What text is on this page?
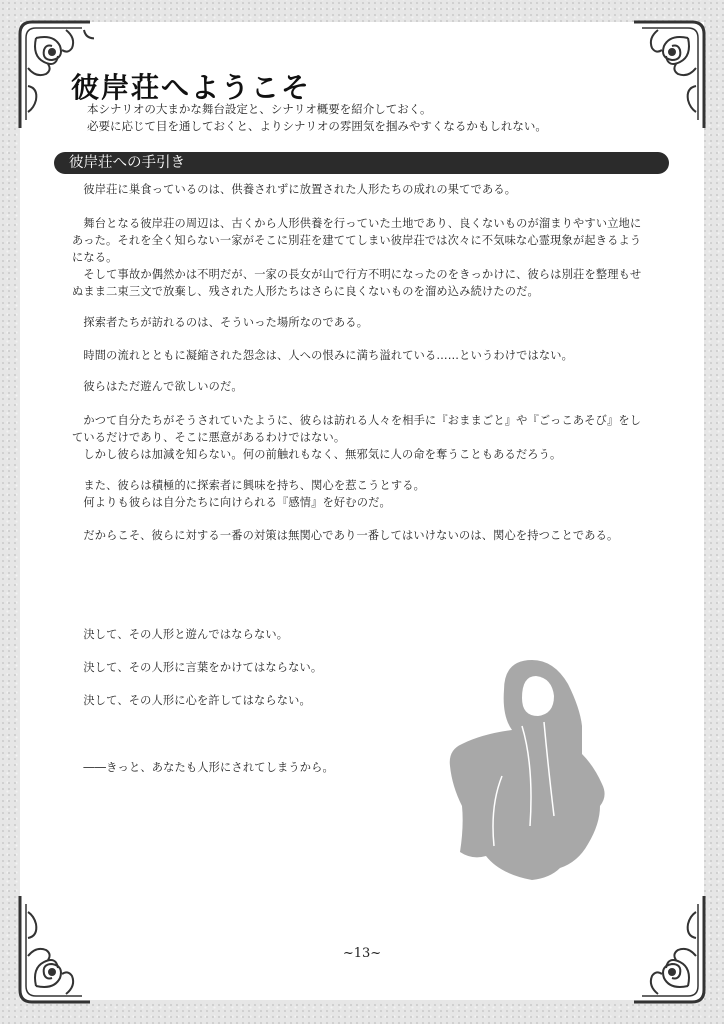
彼岸荘へようこそ
本シナリオの大まかな舞台設定と、シナリオ概要を紹介しておく。
必要に応じて目を通しておくと、よりシナリオの雰囲気を掴みやすくなるかもしれない。
彼岸荘への手引き
　彼岸荘に巣食っているのは、供養されずに放置された人形たちの成れの果てである。
　舞台となる彼岸荘の周辺は、古くから人形供養を行っていた土地であり、良くないものが溜まりやすい立地に
あった。それを全く知らない一家がそこに別荘を建ててしまい彼岸荘では次々に不気味な心霊現象が起きるよう
になる。
　そして事故か偶然かは不明だが、一家の長女が山で行方不明になったのをきっかけに、彼らは別荘を整理もせ
ぬまま二束三文で放棄し、残された人形たちはさらに良くないものを溜め込み続けたのだ。
　探索者たちが訪れるのは、そういった場所なのである。
　時間の流れとともに凝縮された怨念は、人への恨みに満ち溢れている……というわけではない。
　彼らはただ遊んで欲しいのだ。
　かつて自分たちがそうされていたように、彼らは訪れる人々を相手に『おままごと』や『ごっこあそび』をし
ているだけであり、そこに悪意があるわけではない。
　しかし彼らは加減を知らない。何の前触れもなく、無邪気に人の命を奪うこともあるだろう。
　また、彼らは積極的に探索者に興味を持ち、関心を惹こうとする。
　何よりも彼らは自分たちに向けられる『感情』を好むのだ。
　だからこそ、彼らに対する一番の対策は無関心であり一番してはいけないのは、関心を持つことである。
　決して、その人形と遊んではならない。
　決して、その人形に言葉をかけてはならない。
　決して、その人形に心を許してはならない。
　――きっと、あなたも人形にされてしまうから。
~13~
